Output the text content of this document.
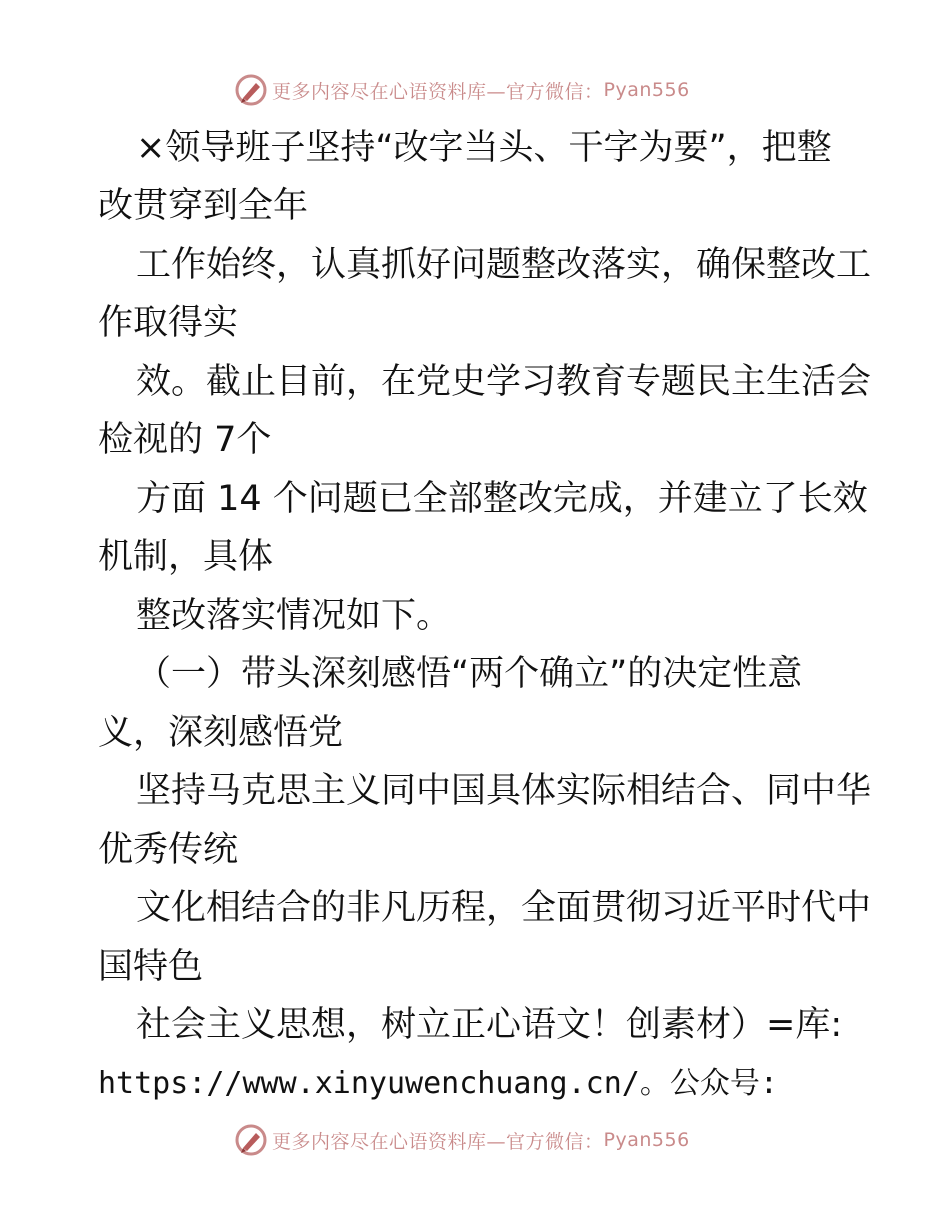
更多内容尽在心语资料库—官方微信： Pyan556
×领导班子坚持“改字当头、干字为要”，把整
改贯穿到全年
工作始终，认真抓好问题整改落实，确保整改工
作取得实
效。截止目前，在党史学习教育专题民主生活会
检视的 7个
方面 14 个问题已全部整改完成，并建立了长效
机制，具体
整改落实情况如下。
（一）带头深刻感悟“两个确立”的决定性意
义，深刻感悟党
坚持马克思主义同中国具体实际相结合、同中华
优秀传统
文化相结合的非凡历程，全面贯彻习近平时代中
国特色
社会主义思想，树立正心语文！创素材）=库:
https://www.xinyuwenchuang.cn/。公众号:
更多内容尽在心语资料库—官方微信： Pyan556
